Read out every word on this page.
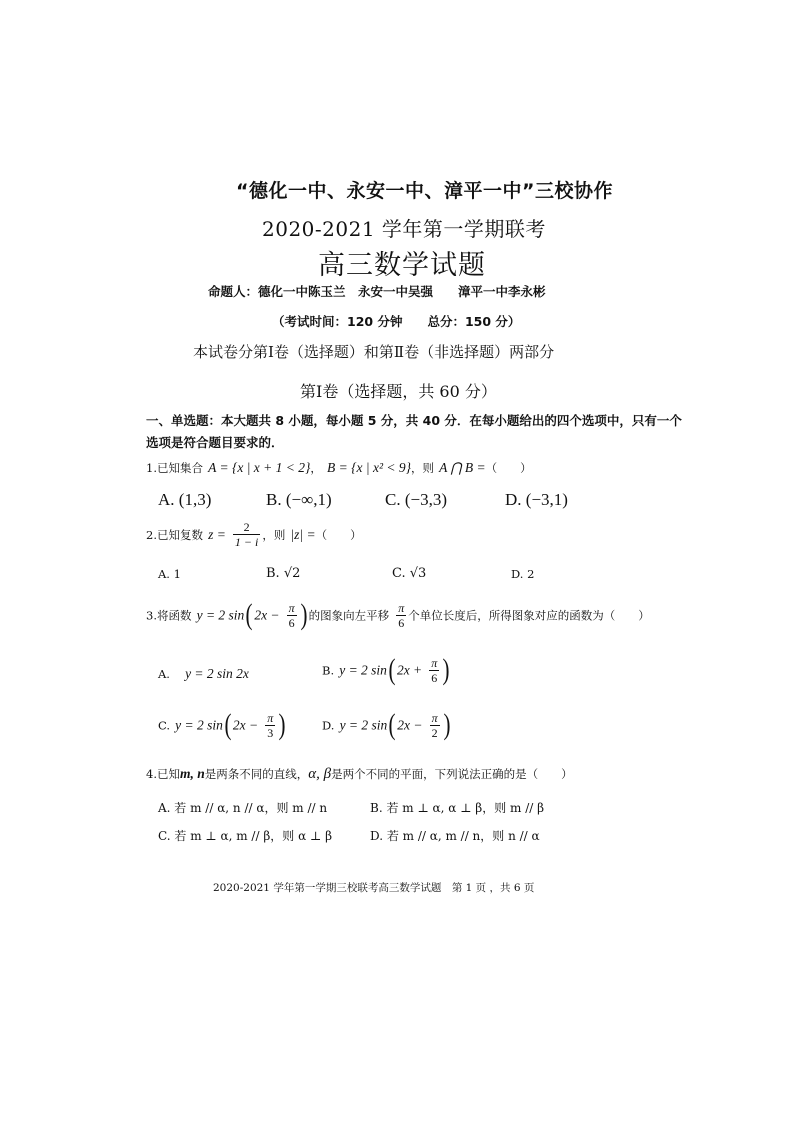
“德化一中、永安一中、漳平一中”三校协作
2020-2021 学年第一学期联考
高三数学试题
命题人：德化一中陈玉兰　永安一中吴强　　漳平一中李永彬
（考试时间：120 分钟　　总分：150 分）
本试卷分第Ⅰ卷（选择题）和第Ⅱ卷（非选择题）两部分
第Ⅰ卷（选择题，共 60 分）
一、单选题：本大题共 8 小题，每小题 5 分，共 40 分．在每小题给出的四个选项中，只有一个
选项是符合题目要求的．
1.已知集合 A = {x | x + 1 < 2}， B = {x | x² < 9}，则 A ⋂ B =（　　）
A. (1,3)	B. (−∞,1)	C. (−3,3)	D. (−3,1)
2.已知复数 $z = \frac{2}{1 - i}$ ，则 |z| =（　　）
A. 1	B. √2	C. √3	D. 2
3.将函数 y = 2 sin( $2x - \frac{\pi}{6}$ ) 的图象向左平移 $\frac{\pi}{6}$ 个单位长度后，所得图象对应的函数为（　　）
A. y = 2 sin 2x	B. y = 2 sin( $2x + \frac{\pi}{6}$ )
C. y = 2 sin( $2x - \frac{\pi}{3}$ )	D. y = 2 sin( $2x - \frac{\pi}{2}$ )
4.已知m, n是两条不同的直线，α, β是两个不同的平面，下列说法正确的是（　　）
A. 若 m // α, n // α，则 m // n	B. 若 m ⊥ α, α ⊥ β，则 m // β
C. 若 m ⊥ α, m // β，则 α ⊥ β	D. 若 m // α, m // n，则 n // α
2020-2021 学年第一学期三校联考高三数学试题　第 1 页 ，共 6 页
